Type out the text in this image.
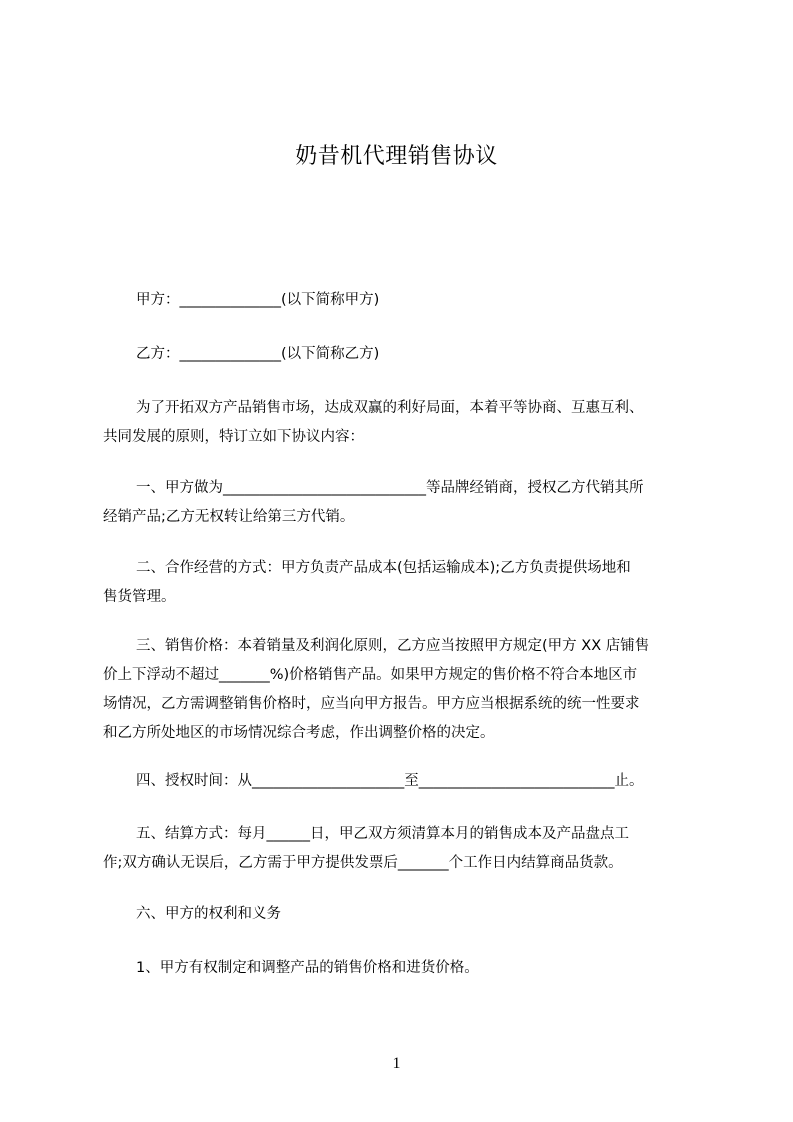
奶昔机代理销售协议
甲方：______________(以下简称甲方)
乙方：______________(以下简称乙方)
为了开拓双方产品销售市场，达成双赢的利好局面，本着平等协商、互惠互利、
共同发展的原则，特订立如下协议内容：
一、甲方做为____________________________等品牌经销商，授权乙方代销其所
经销产品;乙方无权转让给第三方代销。
二、合作经营的方式：甲方负责产品成本(包括运输成本);乙方负责提供场地和
售货管理。
三、销售价格：本着销量及利润化原则，乙方应当按照甲方规定(甲方 XX 店铺售
价上下浮动不超过_______%)价格销售产品。如果甲方规定的售价格不符合本地区市
场情况，乙方需调整销售价格时，应当向甲方报告。甲方应当根据系统的统一性要求
和乙方所处地区的市场情况综合考虑，作出调整价格的决定。
四、授权时间：从_____________________至___________________________止。
五、结算方式：每月______日，甲乙双方须清算本月的销售成本及产品盘点工
作;双方确认无误后，乙方需于甲方提供发票后_______个工作日内结算商品货款。
六、甲方的权利和义务
1、甲方有权制定和调整产品的销售价格和进货价格。
1
